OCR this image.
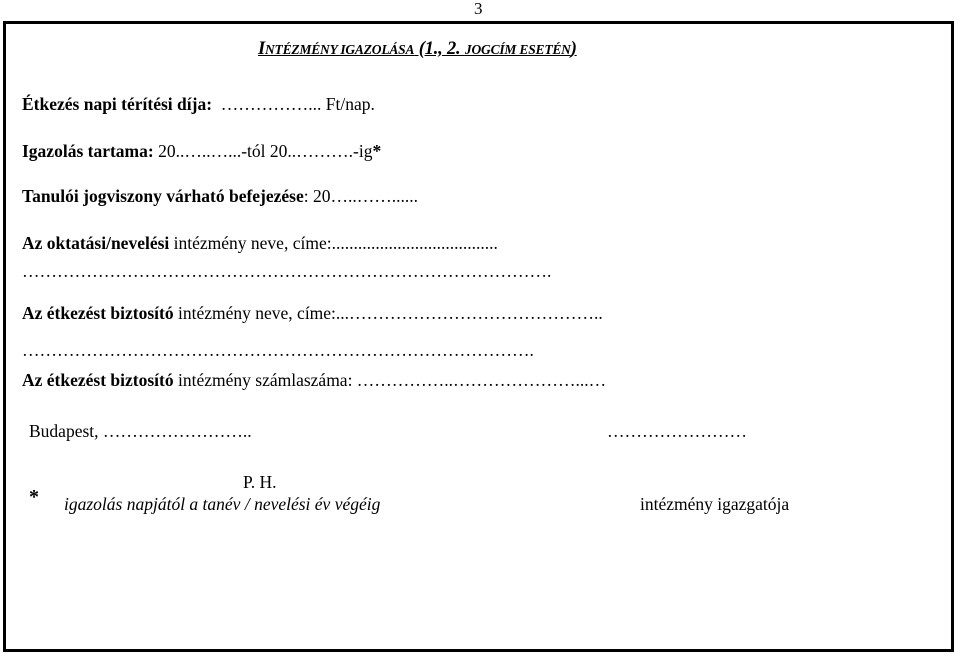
3
INTÉZMÉNY IGAZOLÁSA (1., 2. JOGCÍM ESETÉN)
Étkezés napi térítési díja:  ……………... Ft/nap.
Igazolás tartama: 20..…..…...-tól 20..……….-ig*
Tanulói jogviszony várható befejezése: 20…..……......
Az oktatási/nevelési intézmény neve, címe:......................................
……………………………………………………………………………….
Az étkezést biztosító intézmény neve, címe:...……………………………………..
…………………………………………………………………………….
Az étkezést biztosító intézmény számlaszáma: ……………..…………………...…
Budapest, ……………………..	……………………
P. H.
* igazolás napjától a tanév / nevelési év végéig	intézmény igazgatója
